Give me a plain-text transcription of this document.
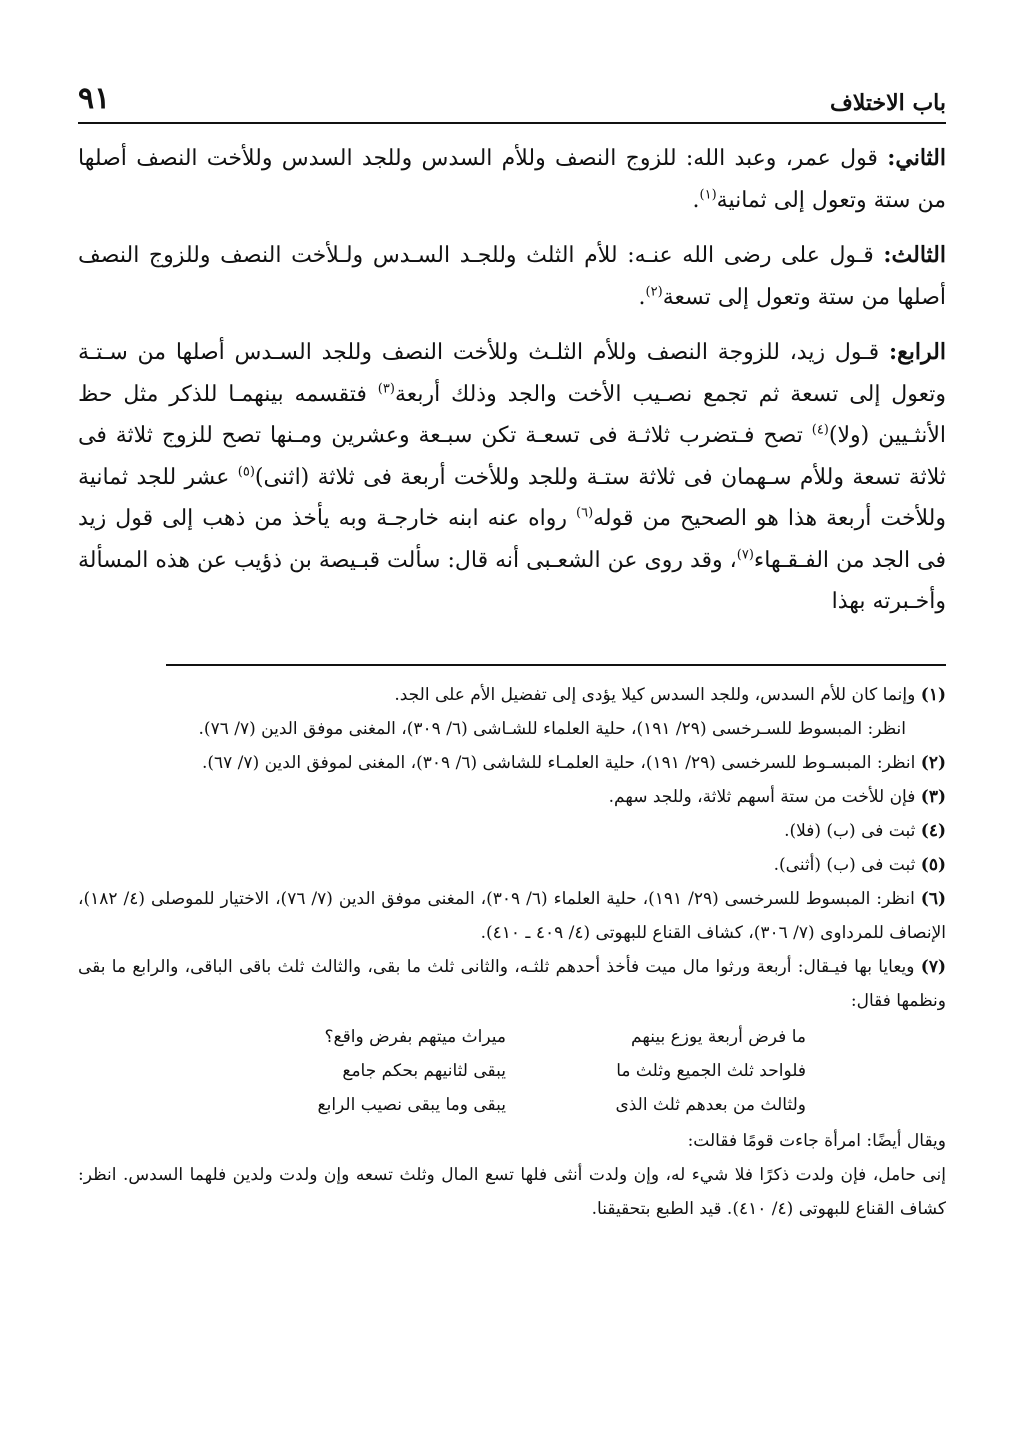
باب الاختلاف
٩١

الثاني: قول عمر، وعبد الله: للزوج النصف وللأم السدس وللجد السدس وللأخت النصف أصلها من ستة وتعول إلى ثمانية$^{(١)}$.

الثالث: قـول على رضى الله عنـه: للأم الثلث وللجـد السـدس ولـلأخت النصف وللزوج النصف أصلها من ستة وتعول إلى تسعة$^{(٢)}$.

الرابع: قـول زيد، للزوجة النصف وللأم الثلـث وللأخت النصف وللجد السـدس أصلها من سـتـة وتعول إلى تسعة ثم تجمع نصـيب الأخت والجد وذلك أربعة$^{(٣)}$ فتقسمه بينهمـا للذكر مثل حظ الأنثـيين (ولا)$^{(٤)}$ تصح فـتضرب ثلاثـة فى تسعـة تكن سبـعة وعشرين ومـنها تصح للزوج ثلاثة فى ثلاثة تسعة وللأم سـهمان فى ثلاثة ستـة وللجد وللأخت أربعة فى ثلاثة (اثنى)$^{(٥)}$ عشر للجد ثمانية وللأخت أربعة هذا هو الصحيح من قوله$^{(٦)}$ رواه عنه ابنه خارجـة وبه يأخذ من ذهب إلى قول زيد فى الجد من الفـقـهاء$^{(٧)}$، وقد روى عن الشعـبى أنه قال: سألت قبـيصة بن ذؤيب عن هذه المسألة وأخـبرته بهذا

(١) وإنما كان للأم السدس، وللجد السدس كيلا يؤدى إلى تفضيل الأم على الجد.

انظر: المبسوط للسـرخسى (٢٩/ ١٩١)، حلية العلماء للشـاشى (٦/ ٣٠٩)، المغنى موفق الدين (٧/ ٧٦).

(٢) انظر: المبسـوط للسرخسى (٢٩/ ١٩١)، حلية العلمـاء للشاشى (٦/ ٣٠٩)، المغنى لموفق الدين (٧/ ٦٧).

(٣) فإن للأخت من ستة أسهم ثلاثة، وللجد سهم.

(٤) ثبت فى (ب) (فلا).

(٥) ثبت فى (ب) (أثنى).

(٦) انظر: المبسوط للسرخسى (٢٩/ ١٩١)، حلية العلماء (٦/ ٣٠٩)، المغنى موفق الدين (٧/ ٧٦)، الاختيار للموصلى (٤/ ١٨٢)، الإنصاف للمرداوى (٧/ ٣٠٦)، كشاف القناع للبهوتى (٤/ ٤٠٩ ـ ٤١٠).

(٧) ويعايا بها فيـقال: أربعة ورثوا مال ميت فأخذ أحدهم ثلثـه، والثانى ثلث ما بقى، والثالث ثلث باقى الباقى، والرابع ما بقى ونظمها فقال:

ما فرض أربعة يوزع بينهم
ميراث ميتهم بفرض واقع؟
فلواحد ثلث الجميع وثلث ما
يبقى لثانيهم بحكم جامع
ولثالث من بعدهم ثلث الذى
يبقى وما يبقى نصيب الرابع

ويقال أيضًا: امرأة جاءت قومًا فقالت:

إنى حامل، فإن ولدت ذكرًا فلا شيء له، وإن ولدت أنثى فلها تسع المال وثلث تسعه وإن ولدت ولدين فلهما السدس. انظر: كشاف القناع للبهوتى (٤/ ٤١٠). قيد الطبع بتحقيقنا.
